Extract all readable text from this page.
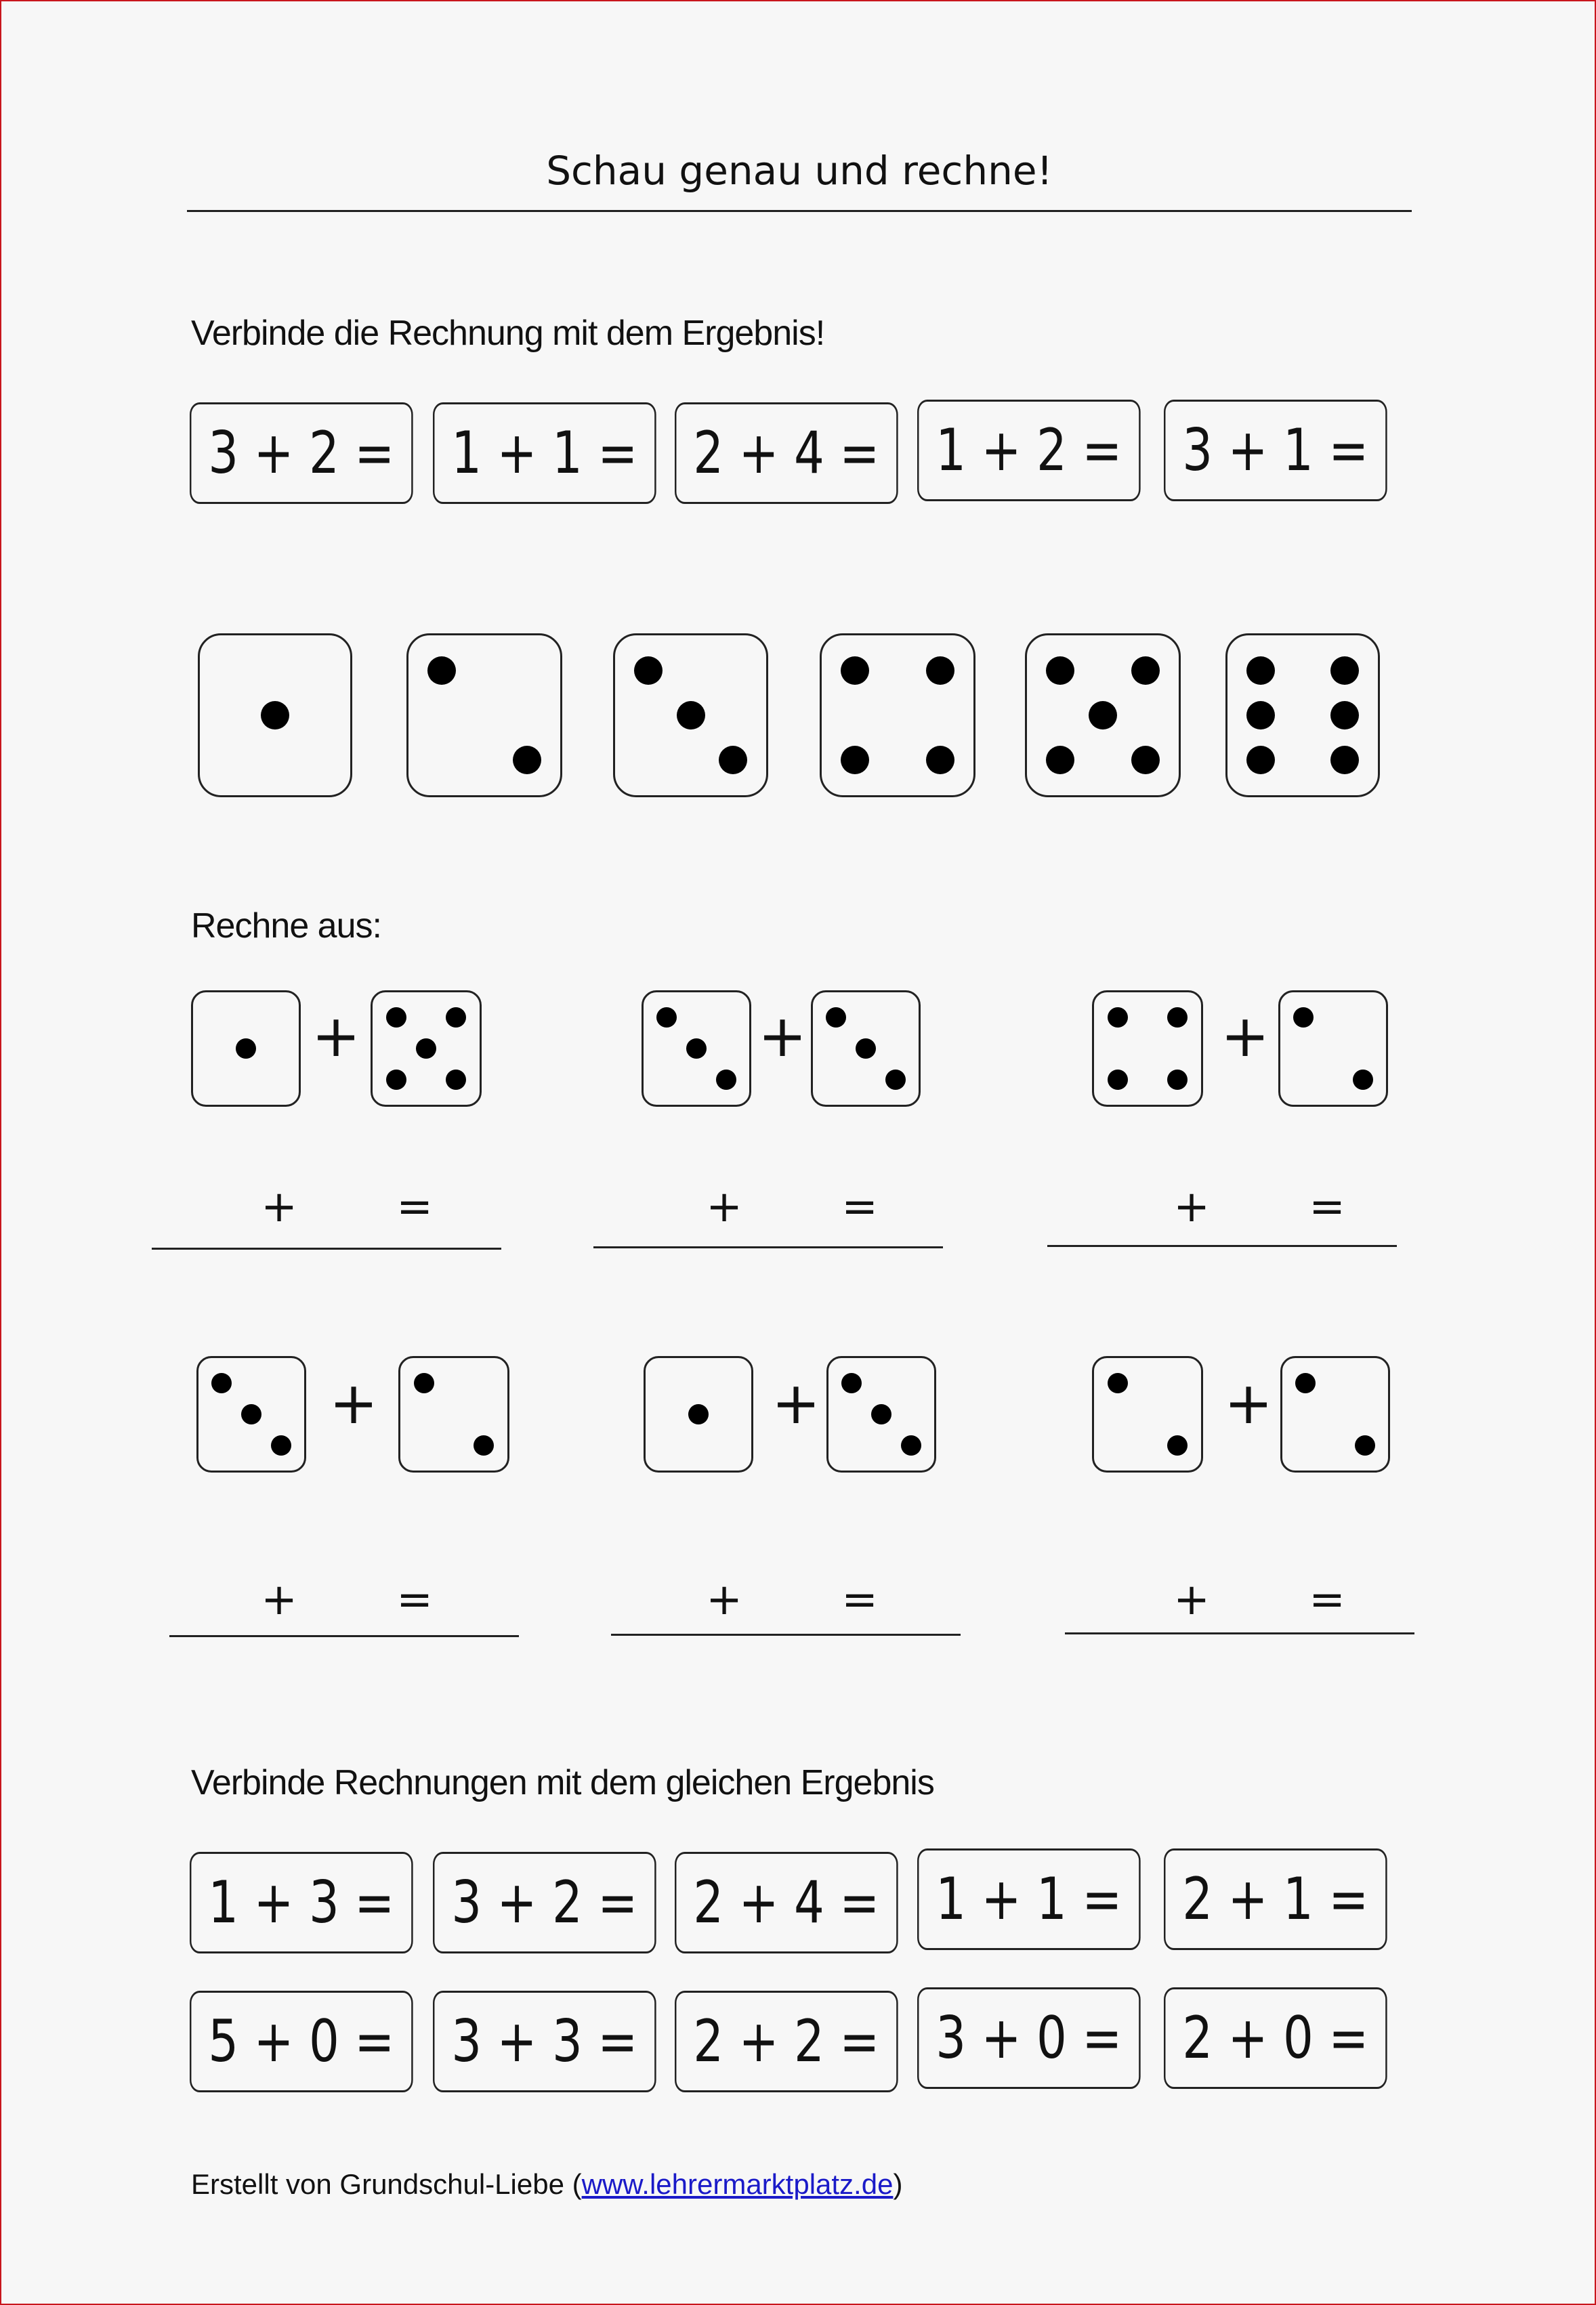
Schau genau und rechne!
Verbinde die Rechnung mit dem Ergebnis!
3 + 2 = 1 + 1 = 2 + 4 = 1 + 2 =	3 + 1 =
Rechne aus:
+	+	+
+ =	+ =	+ =
+	+	+
+ =	+ =	+ =
Verbinde Rechnungen mit dem gleichen Ergebnis
1 + 3 = 3 + 2 = 2 + 4 = 1 + 1 =	2 + 1 =
5 + 0 = 3 + 3 = 2 + 2 = 3 + 0 =	2 + 0 =
Erstellt von Grundschul-Liebe (www.lehrermarktplatz.de)
